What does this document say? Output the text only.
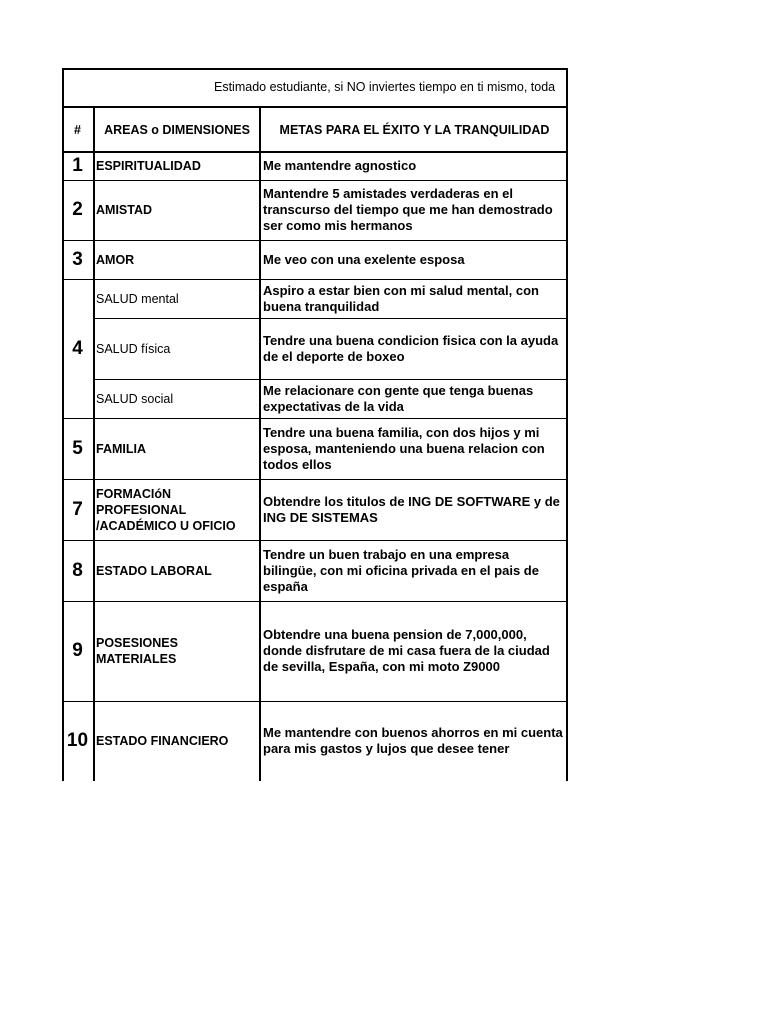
Estimado estudiante, si NO inviertes tiempo en ti mismo, toda
#	AREAS o DIMENSIONES	METAS PARA EL ÉXITO Y LA TRANQUILIDAD
1	ESPIRITUALIDAD	Me mantendre agnostico
2	AMISTAD	Mantendre 5 amistades verdaderas en el transcurso del tiempo que me han demostrado ser como mis hermanos
3	AMOR	Me veo con una exelente esposa
4	SALUD mental	Aspiro a estar bien con mi salud mental, con buena tranquilidad
	SALUD física	Tendre una buena condicion fisica con la ayuda de el deporte de boxeo
	SALUD social	Me relacionare con gente que tenga buenas expectativas de la vida
5	FAMILIA	Tendre una buena familia, con dos hijos y mi esposa, manteniendo una buena relacion con todos ellos
7	FORMACIóN PROFESIONAL /ACADÉMICO U OFICIO	Obtendre los titulos de ING DE SOFTWARE y de ING DE SISTEMAS
8	ESTADO LABORAL	Tendre un buen trabajo en una empresa bilingüe, con mi oficina privada en el pais de españa
9	POSESIONES MATERIALES	Obtendre una buena pension de 7,000,000, donde disfrutare de mi casa fuera de la ciudad de sevilla, España, con mi moto Z9000
10	ESTADO FINANCIERO	Me mantendre con buenos ahorros en mi cuenta para mis gastos y lujos que desee tener
